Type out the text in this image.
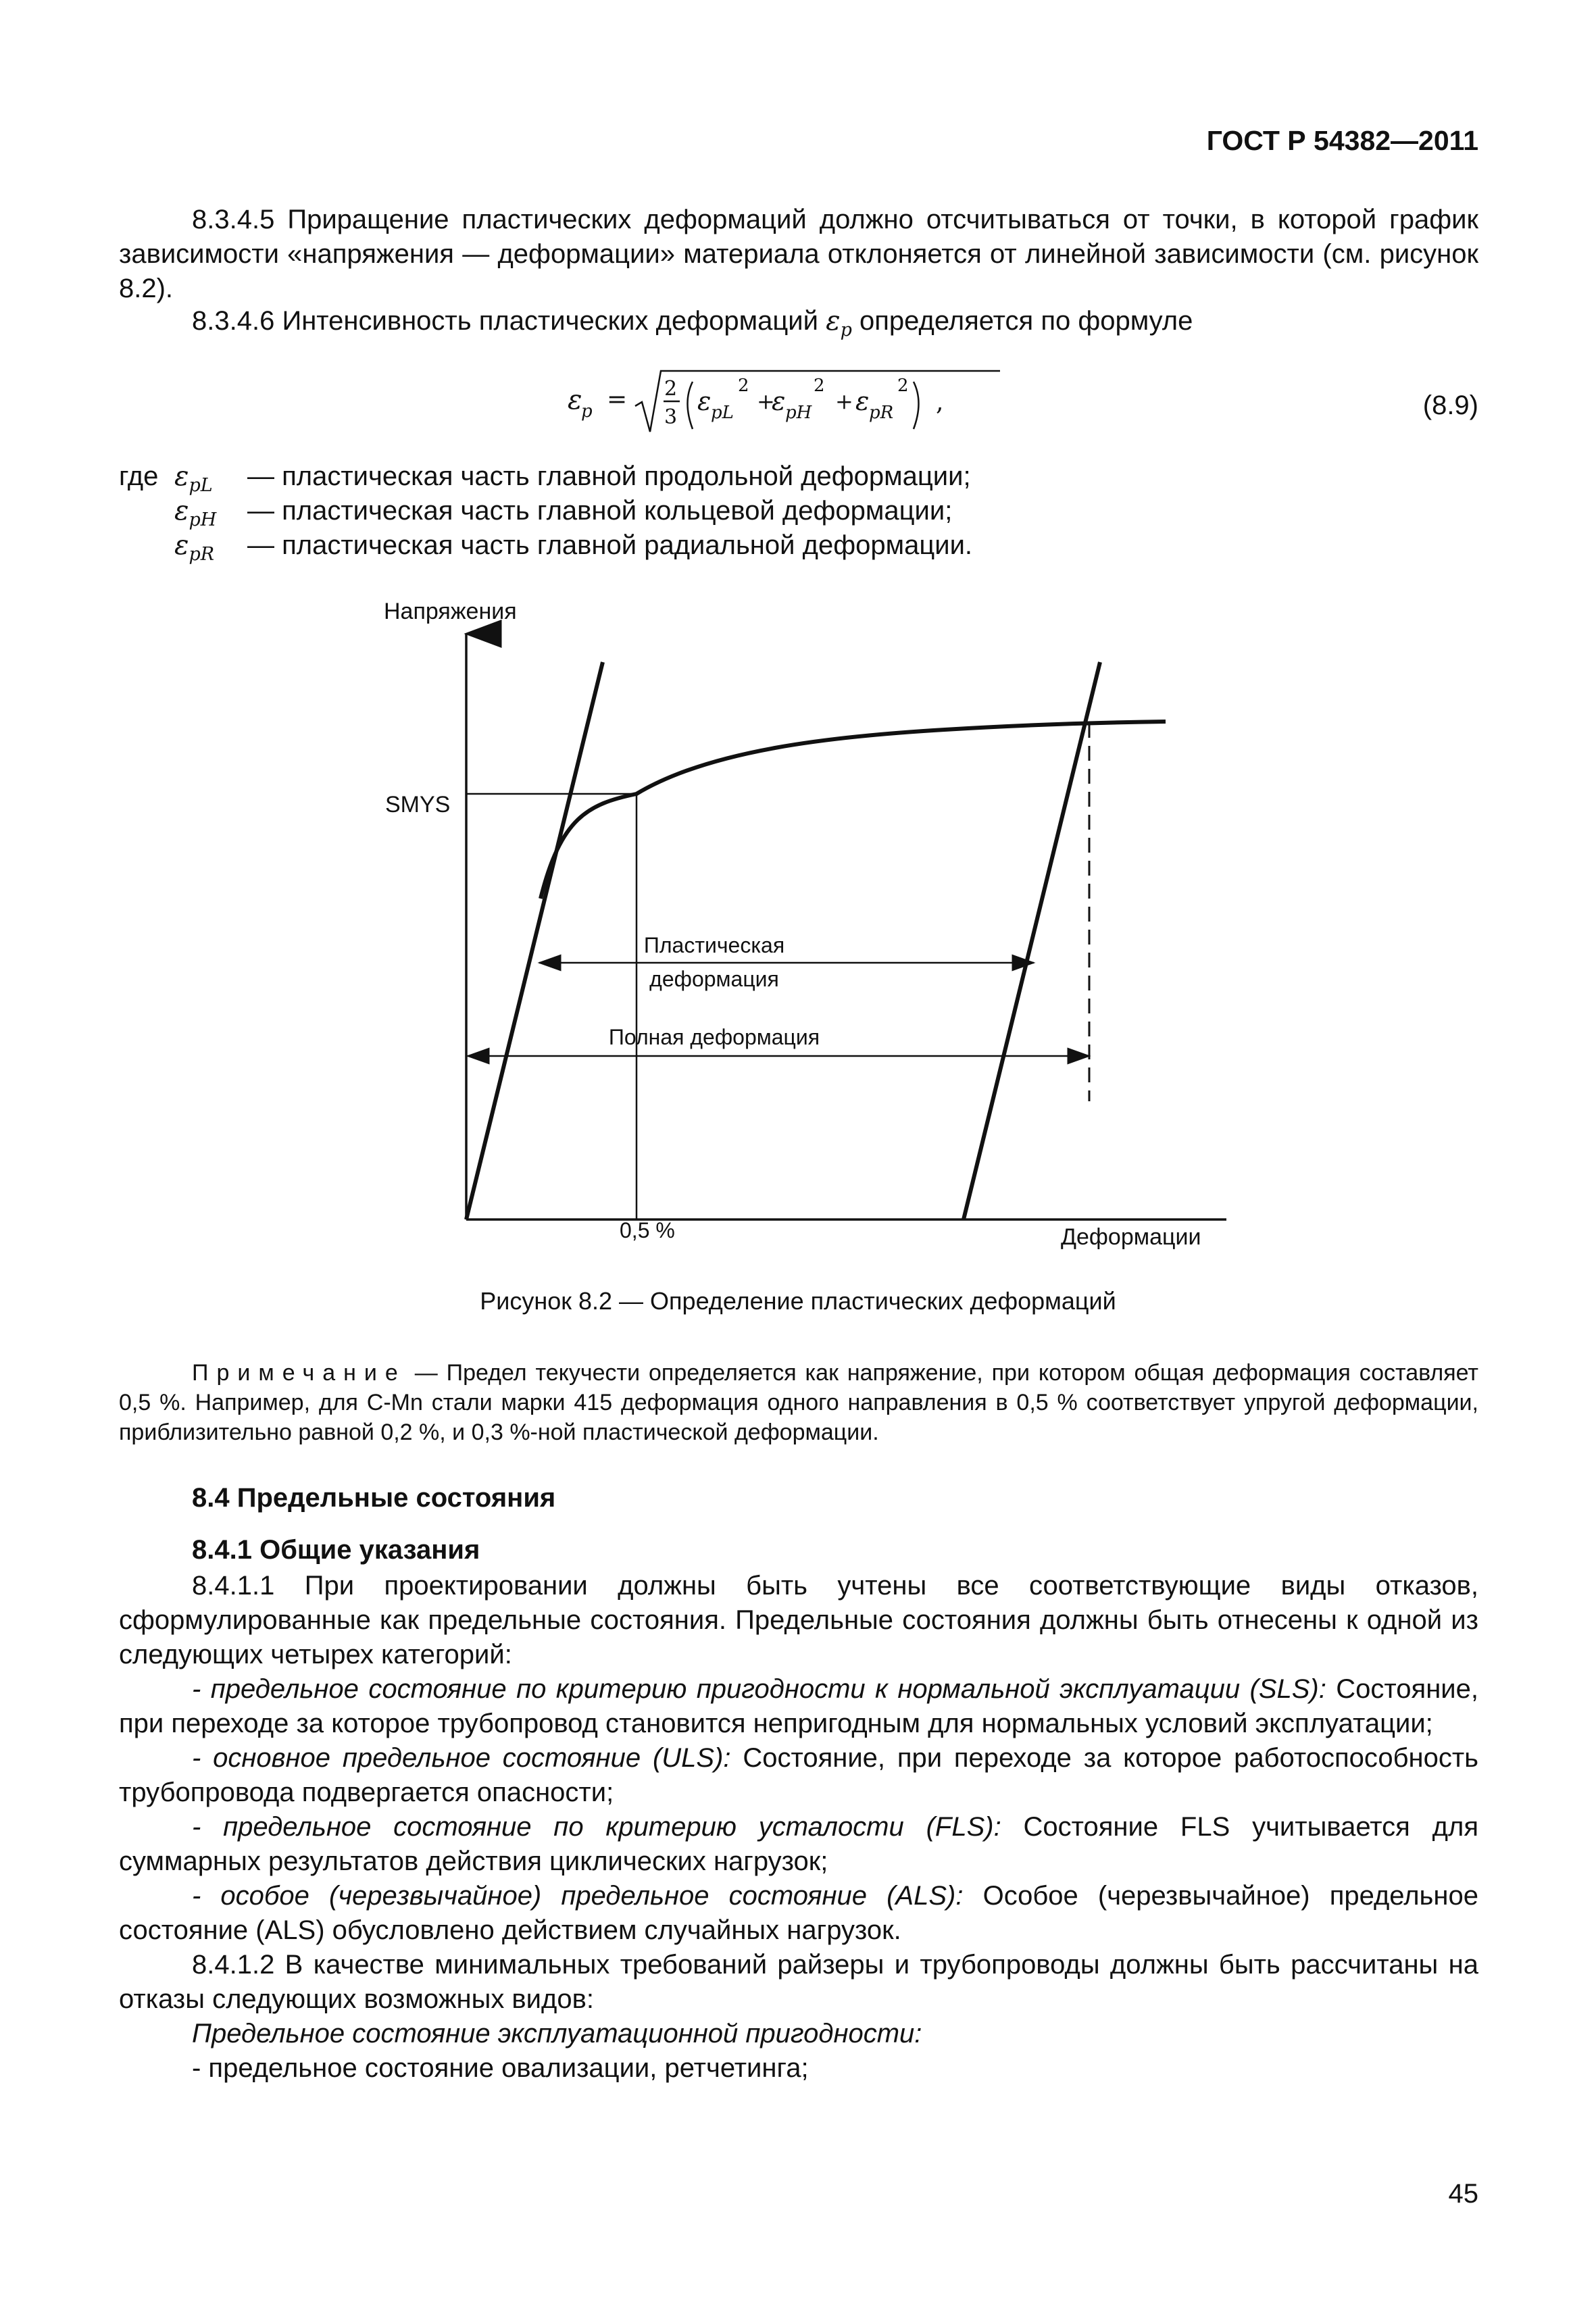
ГОСТ Р 54382—2011

8.3.4.5 Приращение пластических деформаций должно отсчитываться от точки, в которой график зависимости «напряжения — деформации» материала отклоняется от линейной зависимости (см. рисунок 8.2).

8.3.4.6 Интенсивность пластических деформаций $\varepsilon_p$ определяется по формуле

ε
p = 2
3
ε pL
2
+
ε pH
2
+ ε pR
2
,	(8.9)
где $\varepsilon_{pL}$ — пластическая часть главной продольной деформации;
$\varepsilon_{pH}$ — пластическая часть главной кольцевой деформации;
$\varepsilon_{pR}$ — пластическая часть главной радиальной деформации.
Напряжения
Деформации
SMYS
0,5 %
Пластическая
деформация
Полная деформация
Рисунок 8.2 — Определение пластических деформаций

Примечание — Предел текучести определяется как напряжение, при котором общая деформация составляет 0,5 %. Например, для C-Mn стали марки 415 деформация одного направления в 0,5 % соответствует упругой деформации, приблизительно равной 0,2 %, и 0,3 %-ной пластической деформации.

8.4 Предельные состояния
8.4.1 Общие указания

8.4.1.1 При проектировании должны быть учтены все соответствующие виды отказов, сформулированные как предельные состояния. Предельные состояния должны быть отнесены к одной из следующих четырех категорий:

- предельное состояние по критерию пригодности к нормальной эксплуатации (SLS): Состояние, при переходе за которое трубопровод становится непригодным для нормальных условий эксплуатации;

- основное предельное состояние (ULS): Состояние, при переходе за которое работоспособность трубопровода подвергается опасности;

- предельное состояние по критерию усталости (FLS): Состояние FLS учитывается для суммарных результатов действия циклических нагрузок;

- особое (черезвычайное) предельное состояние (ALS): Особое (черезвычайное) предельное состояние (ALS) обусловлено действием случайных нагрузок.

8.4.1.2 В качестве минимальных требований райзеры и трубопроводы должны быть рассчитаны на отказы следующих возможных видов:

Предельное состояние эксплуатационной пригодности:

- предельное состояние овализации, ретчетинга;

45
